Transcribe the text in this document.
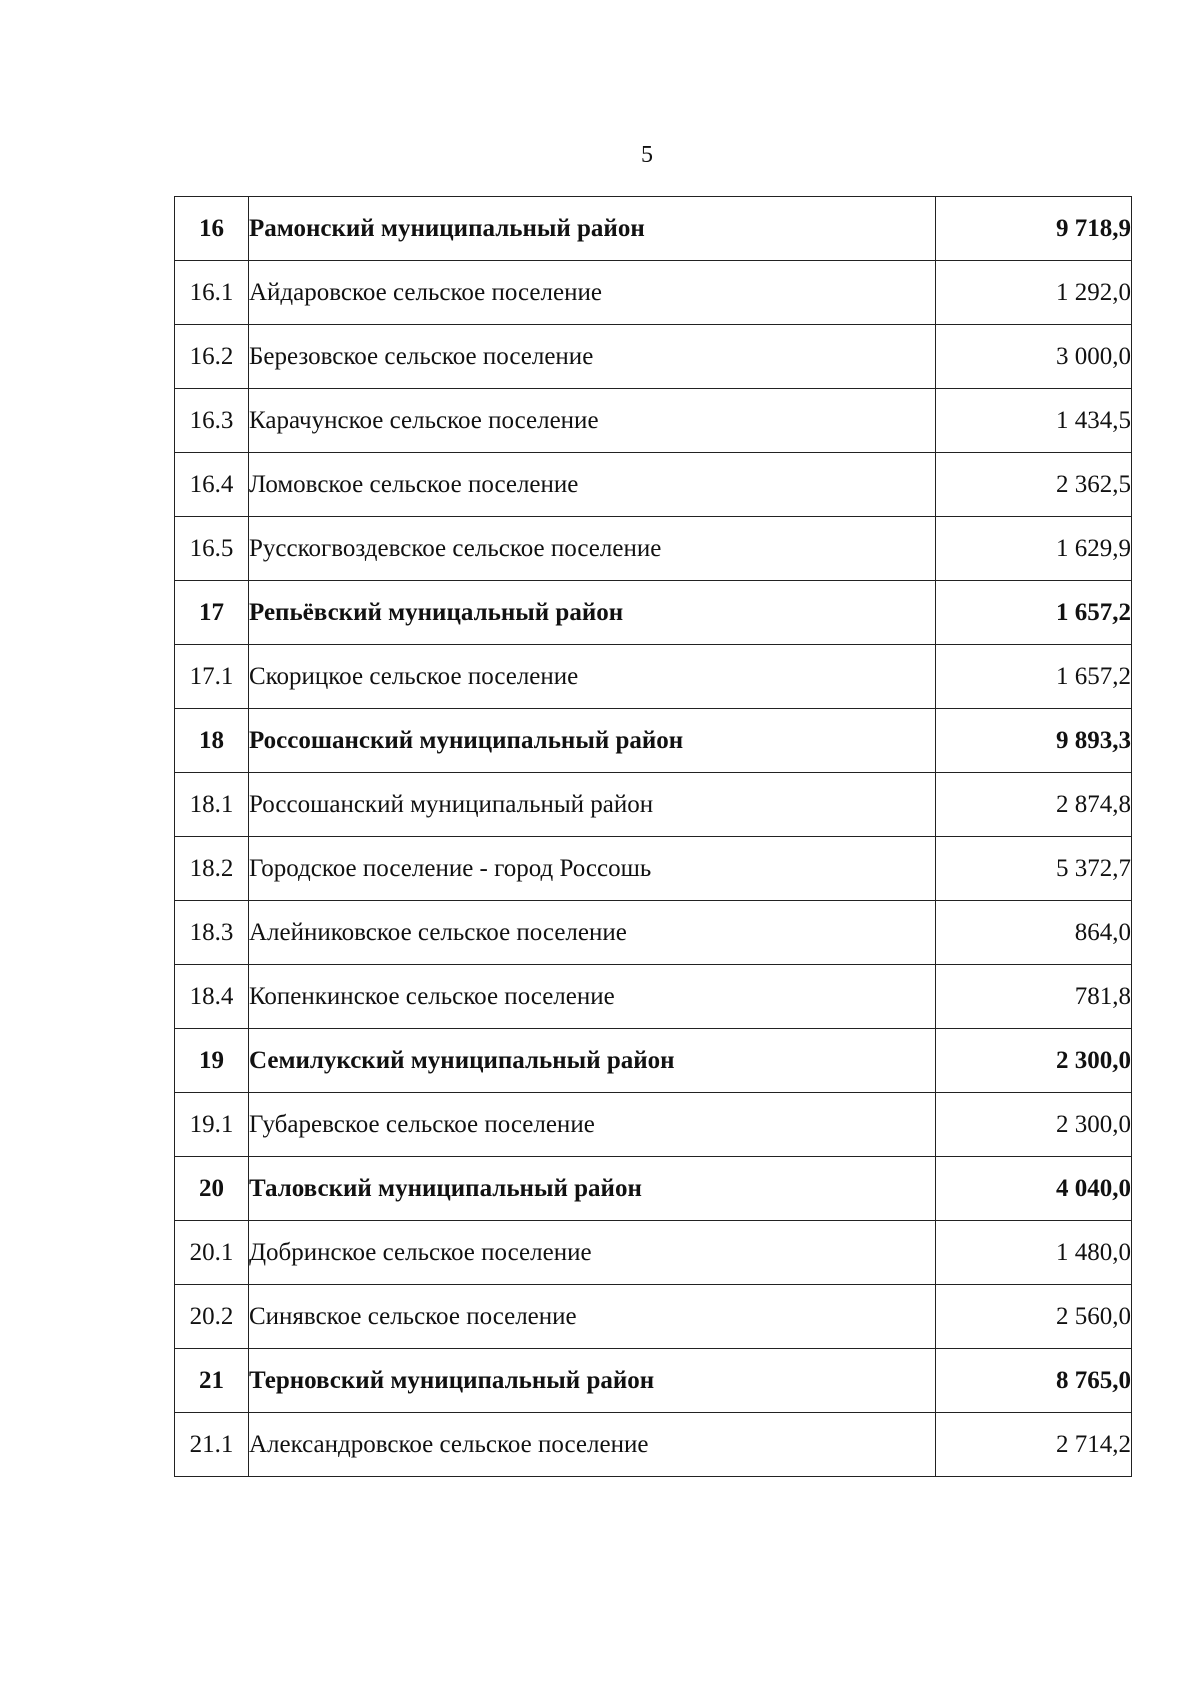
5
16	Рамонский муниципальный район	9 718,9
16.1	Айдаровское сельское поселение	1 292,0
16.2	Березовское сельское поселение	3 000,0
16.3	Карачунское сельское поселение	1 434,5
16.4	Ломовское сельское поселение	2 362,5
16.5	Русскогвоздевское сельское поселение	1 629,9
17	Репьёвский муницальный район	1 657,2
17.1	Скорицкое сельское поселение	1 657,2
18	Россошанский муниципальный район	9 893,3
18.1	Россошанский муниципальный район	2 874,8
18.2	Городское поселение - город Россошь	5 372,7
18.3	Алейниковское сельское поселение	864,0
18.4	Копенкинское сельское поселение	781,8
19	Семилукский муниципальный район	2 300,0
19.1	Губаревское сельское поселение	2 300,0
20	Таловский муниципальный район	4 040,0
20.1	Добринское сельское поселение	1 480,0
20.2	Синявское сельское поселение	2 560,0
21	Терновский муниципальный район	8 765,0
21.1	Александровское сельское поселение	2 714,2
